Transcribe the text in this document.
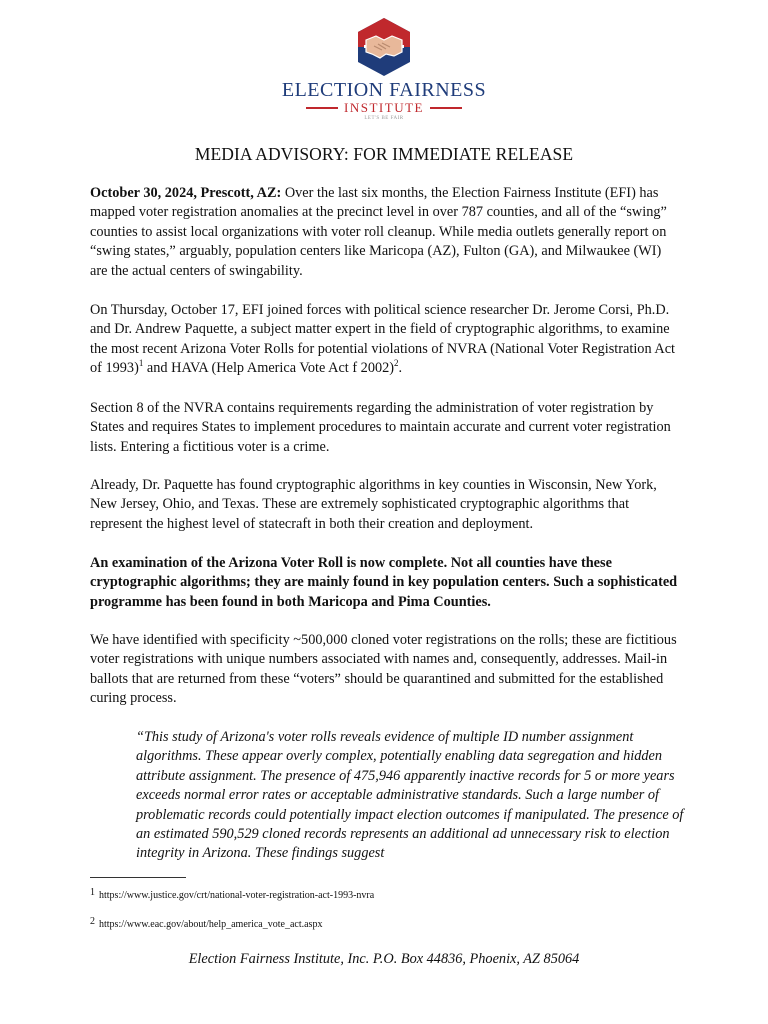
ELECTION FAIRNESS
INSTITUTE
LET'S BE FAIR
MEDIA ADVISORY: FOR IMMEDIATE RELEASE

October 30, 2024, Prescott, AZ: Over the last six months, the Election Fairness Institute (EFI) has mapped voter registration anomalies at the precinct level in over 787 counties, and all of the “swing” counties to assist local organizations with voter roll cleanup. While media outlets generally report on “swing states,” arguably, population centers like Maricopa (AZ), Fulton (GA), and Milwaukee (WI) are the actual centers of swingability.

On Thursday, October 17, EFI joined forces with political science researcher Dr. Jerome Corsi, Ph.D. and Dr. Andrew Paquette, a subject matter expert in the field of cryptographic algorithms, to examine the most recent Arizona Voter Rolls for potential violations of NVRA (National Voter Registration Act of 1993)$^1$ and HAVA (Help America Vote Act f 2002)$^2$.

Section 8 of the NVRA contains requirements regarding the administration of voter registration by States and requires States to implement procedures to maintain accurate and current voter registration lists. Entering a fictitious voter is a crime.

Already, Dr. Paquette has found cryptographic algorithms in key counties in Wisconsin, New York, New Jersey, Ohio, and Texas. These are extremely sophisticated cryptographic algorithms that represent the highest level of statecraft in both their creation and deployment.

An examination of the Arizona Voter Roll is now complete. Not all counties have these cryptographic algorithms; they are mainly found in key population centers. Such a sophisticated programme has been found in both Maricopa and Pima Counties.

We have identified with specificity ~500,000 cloned voter registrations on the rolls; these are fictitious voter registrations with unique numbers associated with names and, consequently, addresses. Mail-in ballots that are returned from these “voters” should be quarantined and submitted for the established curing process.

“This study of Arizona's voter rolls reveals evidence of multiple ID number assignment algorithms. These appear overly complex, potentially enabling data segregation and hidden attribute assignment. The presence of 475,946 apparently inactive records for 5 or more years exceeds normal error rates or acceptable administrative standards. Such a large number of problematic records could potentially impact election outcomes if manipulated. The presence of an estimated 590,529 cloned records represents an additional ad unnecessary risk to election integrity in Arizona. These findings suggest

1 https://www.justice.gov/crt/national-voter-registration-act-1993-nvra
2 https://www.eac.gov/about/help_america_vote_act.aspx
Election Fairness Institute, Inc. P.O. Box 44836, Phoenix, AZ 85064
